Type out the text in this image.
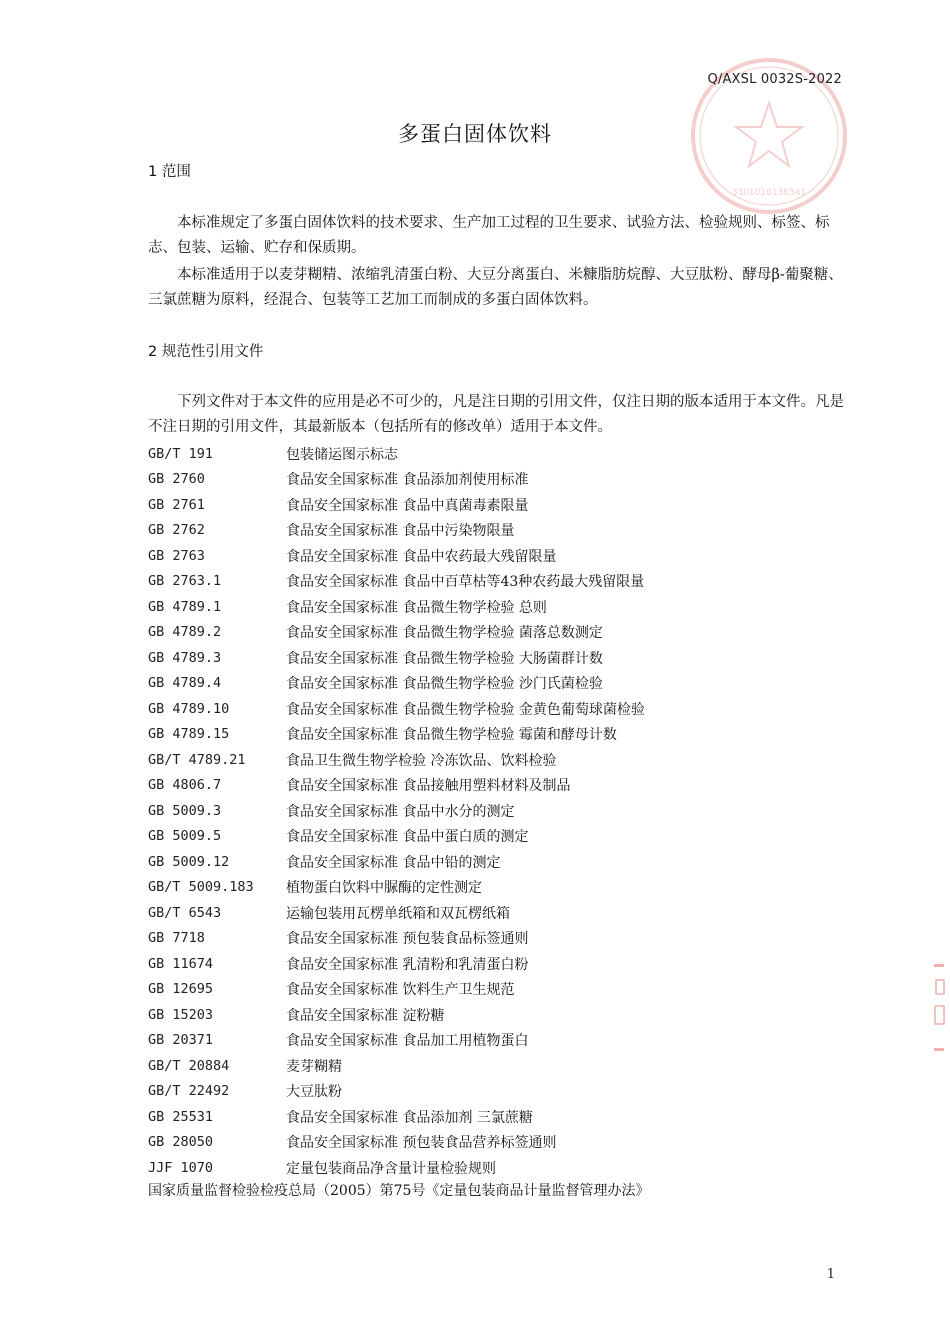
3301010136541
Q/AXSL 0032S-2022
多蛋白固体饮料
1 范围
本标准规定了多蛋白固体饮料的技术要求、生产加工过程的卫生要求、试验方法、检验规则、标签、标志、包装、运输、贮存和保质期。
本标准适用于以麦芽糊精、浓缩乳清蛋白粉、大豆分离蛋白、米糠脂肪烷醇、大豆肽粉、酵母β-葡聚糖、三氯蔗糖为原料，经混合、包装等工艺加工而制成的多蛋白固体饮料。
2 规范性引用文件
下列文件对于本文件的应用是必不可少的，凡是注日期的引用文件，仅注日期的版本适用于本文件。凡是不注日期的引用文件，其最新版本（包括所有的修改单）适用于本文件。
GB/T 191	包装储运图示标志
GB 2760	食品安全国家标准 食品添加剂使用标准
GB 2761	食品安全国家标准 食品中真菌毒素限量
GB 2762	食品安全国家标准 食品中污染物限量
GB 2763	食品安全国家标准 食品中农药最大残留限量
GB 2763.1	食品安全国家标准 食品中百草枯等43种农药最大残留限量
GB 4789.1	食品安全国家标准 食品微生物学检验 总则
GB 4789.2	食品安全国家标准 食品微生物学检验 菌落总数测定
GB 4789.3	食品安全国家标准 食品微生物学检验 大肠菌群计数
GB 4789.4	食品安全国家标准 食品微生物学检验 沙门氏菌检验
GB 4789.10	食品安全国家标准 食品微生物学检验 金黄色葡萄球菌检验
GB 4789.15	食品安全国家标准 食品微生物学检验 霉菌和酵母计数
GB/T 4789.21	食品卫生微生物学检验 冷冻饮品、饮料检验
GB 4806.7	食品安全国家标准 食品接触用塑料材料及制品
GB 5009.3	食品安全国家标准 食品中水分的测定
GB 5009.5	食品安全国家标准 食品中蛋白质的测定
GB 5009.12	食品安全国家标准 食品中铅的测定
GB/T 5009.183	植物蛋白饮料中脲酶的定性测定
GB/T 6543	运输包装用瓦楞单纸箱和双瓦楞纸箱
GB 7718	食品安全国家标准 预包装食品标签通则
GB 11674	食品安全国家标准 乳清粉和乳清蛋白粉
GB 12695	食品安全国家标准 饮料生产卫生规范
GB 15203	食品安全国家标准 淀粉糖
GB 20371	食品安全国家标准 食品加工用植物蛋白
GB/T 20884	麦芽糊精
GB/T 22492	大豆肽粉
GB 25531	食品安全国家标准 食品添加剂 三氯蔗糖
GB 28050	食品安全国家标准 预包装食品营养标签通则
JJF 1070	定量包装商品净含量计量检验规则
国家质量监督检验检疫总局（2005）第75号《定量包装商品计量监督管理办法》
1
